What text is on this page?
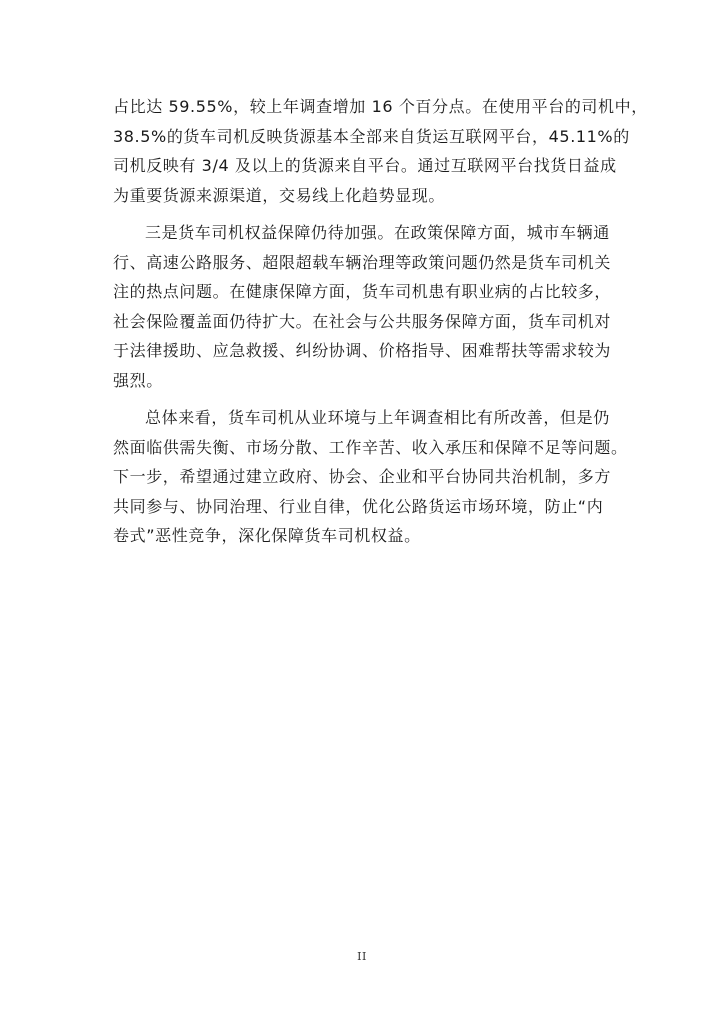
占比达 59.55%，较上年调查增加 16 个百分点。在使用平台的司机中，
38.5%的货车司机反映货源基本全部来自货运互联网平台，45.11%的
司机反映有 3/4 及以上的货源来自平台。通过互联网平台找货日益成
为重要货源来源渠道，交易线上化趋势显现。

三是货车司机权益保障仍待加强。在政策保障方面，城市车辆通
行、高速公路服务、超限超载车辆治理等政策问题仍然是货车司机关
注的热点问题。在健康保障方面，货车司机患有职业病的占比较多，
社会保险覆盖面仍待扩大。在社会与公共服务保障方面，货车司机对
于法律援助、应急救援、纠纷协调、价格指导、困难帮扶等需求较为
强烈。

总体来看，货车司机从业环境与上年调查相比有所改善，但是仍
然面临供需失衡、市场分散、工作辛苦、收入承压和保障不足等问题。
下一步，希望通过建立政府、协会、企业和平台协同共治机制，多方
共同参与、协同治理、行业自律，优化公路货运市场环境，防止“内
卷式”恶性竞争，深化保障货车司机权益。

II
